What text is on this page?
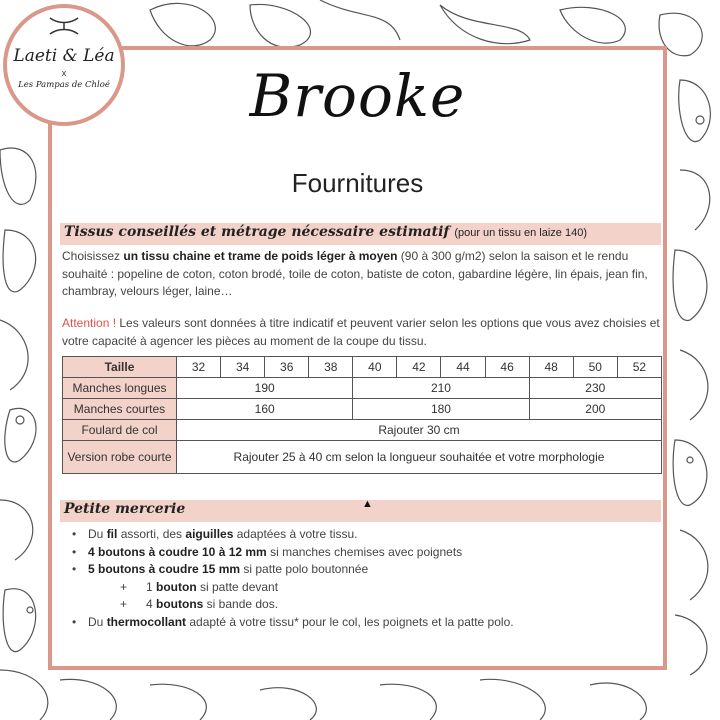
Laeti & Léa
x
Les Pampas de Chloé	Brooke
Fournitures
Tissus conseillés et métrage nécessaire estimatif (pour un tissu en laize 140)
Choisissez un tissu chaine et trame de poids léger à moyen (90 à 300 g/m2) selon la saison et le rendu souhaité : popeline de coton, coton brodé, toile de coton, batiste de coton, gabardine légère, lin épais, jean fin, chambray, velours léger, laine…
Attention ! Les valeurs sont données à titre indicatif et peuvent varier selon les options que vous avez choisies et votre capacité à agencer les pièces au moment de la coupe du tissu.
Taille	32	34	36	38	40	42	44	46	48	50	52
Manches longues	190				210				230		
Manches courtes	160				180				200		
Foulard de col	Rajouter 30 cm										
Version robe courte	Rajouter 25 à 40 cm selon la longueur souhaitée et votre morphologie										
Petite mercerie	▲
• Du fil assorti, des aiguilles adaptées à votre tissu.
• 4 boutons à coudre 10 à 12 mm si manches chemises avec poignets
• 5 boutons à coudre 15 mm si patte polo boutonnée
+ 1 bouton si patte devant
+ 4 boutons si bande dos.
• Du thermocollant adapté à votre tissu* pour le col, les poignets et la patte polo.
